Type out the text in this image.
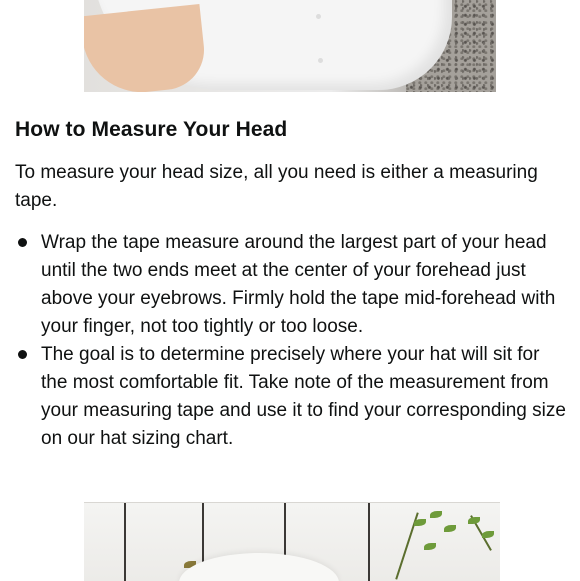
How to Measure Your Head

To measure your head size, all you need is either a measuring tape.

Wrap the tape measure around the largest part of your head until the two ends meet at the center of your forehead just above your eyebrows. Firmly hold the tape mid-forehead with your finger, not too tightly or too loose.
The goal is to determine precisely where your hat will sit for the most comfortable fit. Take note of the measurement from your measuring tape and use it to find your corresponding size on our hat sizing chart.
